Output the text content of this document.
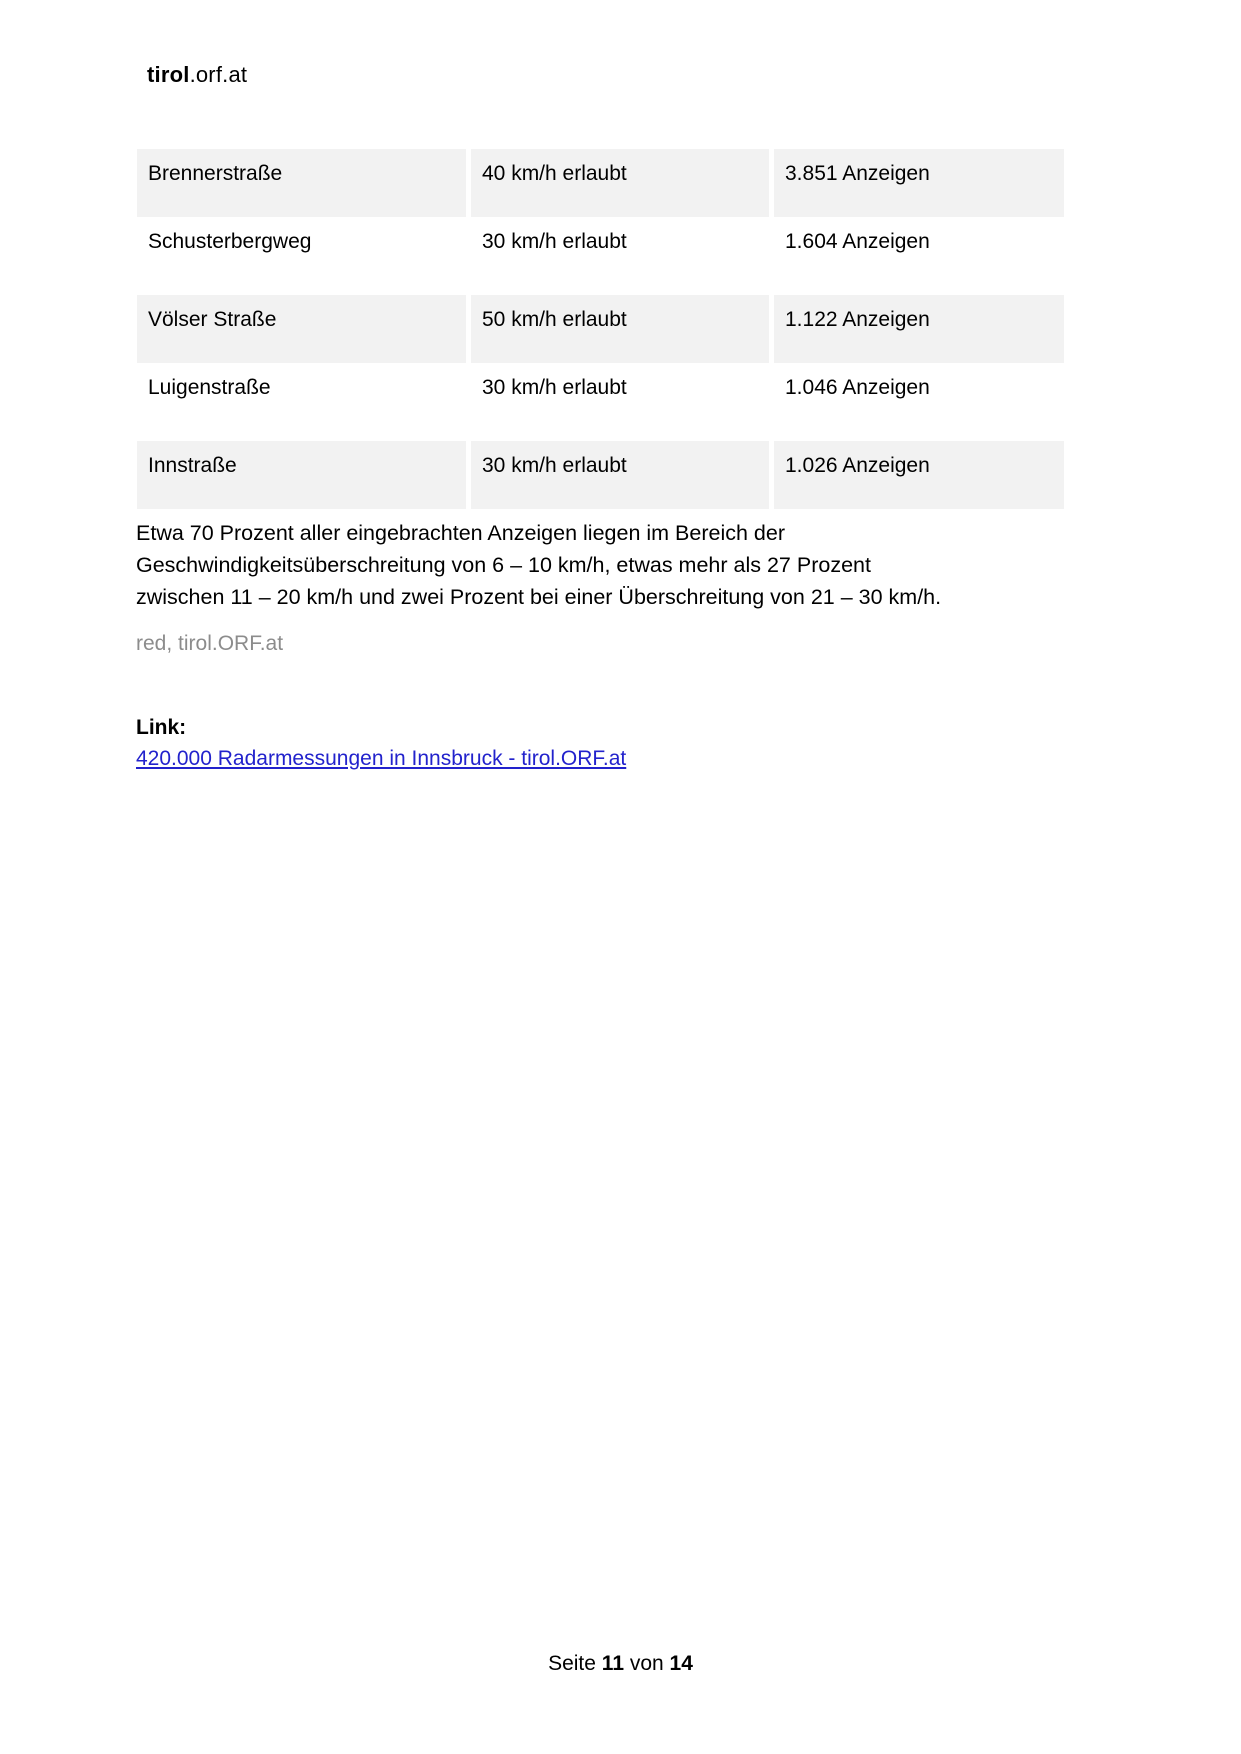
tirol.orf.at
Brennerstraße	40 km/h erlaubt	3.851 Anzeigen
Schusterbergweg	30 km/h erlaubt	1.604 Anzeigen
Völser Straße	50 km/h erlaubt	1.122 Anzeigen
Luigenstraße	30 km/h erlaubt	1.046 Anzeigen
Innstraße	30 km/h erlaubt	1.026 Anzeigen
Etwa 70 Prozent aller eingebrachten Anzeigen liegen im Bereich der
Geschwindigkeitsüberschreitung von 6 – 10 km/h, etwas mehr als 27 Prozent
zwischen 11 – 20 km/h und zwei Prozent bei einer Überschreitung von 21 – 30 km/h.
red, tirol.ORF.at
Link:
420.000 Radarmessungen in Innsbruck - tirol.ORF.at
Seite 11 von 14
